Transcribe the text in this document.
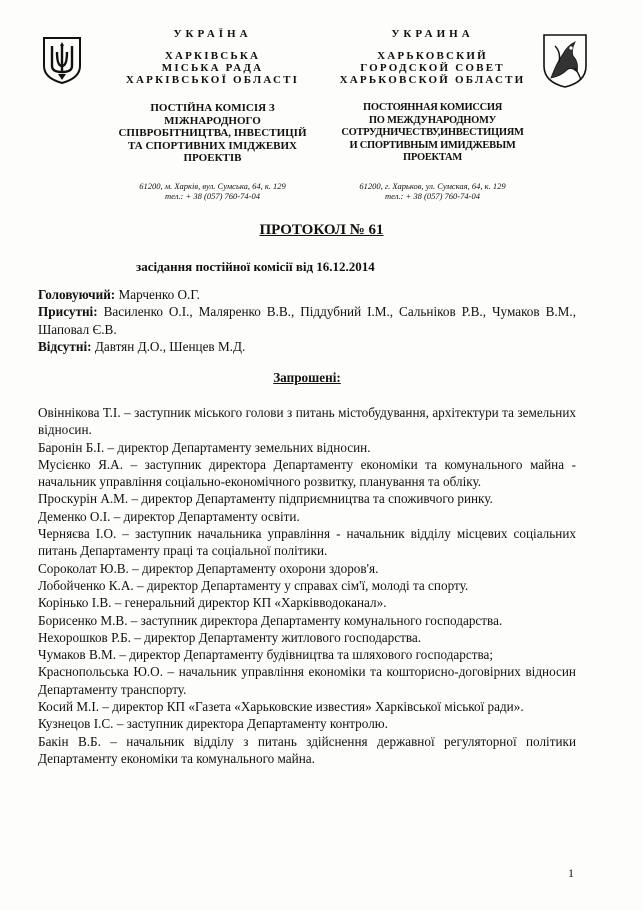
УКРАЇНА
ХАРКІВСЬКА
МІСЬКА РАДА
ХАРКІВСЬКОЇ ОБЛАСТІ
ПОСТІЙНА КОМІСІЯ З
МІЖНАРОДНОГО
СПІВРОБІТНИЦТВА, ІНВЕСТИЦІЙ
ТА СПОРТИВНИХ ІМІДЖЕВИХ
ПРОЕКТІВ
61200, м. Харків, вул. Сумська, 64, к. 129
тел.: + 38 (057) 760-74-04
УКРАИНА
ХАРЬКОВСКИЙ
ГОРОДСКОЙ СОВЕТ
ХАРЬКОВСКОЙ ОБЛАСТИ
ПОСТОЯННАЯ КОМИССИЯ
ПО МЕЖДУНАРОДНОМУ
СОТРУДНИЧЕСТВУ,ИНВЕСТИЦИЯМ
И СПОРТИВНЫМ ИМИДЖЕВЫМ
ПРОЕКТАМ
61200, г. Харьков, ул. Сумская, 64, к. 129
тел.: + 38 (057) 760-74-04
ПРОТОКОЛ № 61
засідання постійної комісії від 16.12.2014

Головуючий: Марченко О.Г.

Присутні: Василенко О.І., Маляренко В.В., Піддубний І.М., Сальніков Р.В., Чумаков В.М., Шаповал Є.В.

Відсутні: Давтян Д.О., Шенцев М.Д.

Запрошені:

Овіннікова Т.І. – заступник міського голови з питань містобудування, архітектури та земельних відносин.

Баронін Б.І. – директор Департаменту земельних відносин.

Мусієнко Я.А. – заступник директора Департаменту економіки та комунального майна - начальник управління соціально-економічного розвитку, планування та обліку.

Проскурін А.М. – директор Департаменту підприємництва та споживчого ринку.

Деменко О.І. – директор Департаменту освіти.

Черняєва І.О. – заступник начальника управління - начальник відділу місцевих соціальних питань Департаменту праці та соціальної політики.

Сороколат Ю.В. – директор Департаменту охорони здоров'я.

Лобойченко К.А. – директор Департаменту у справах сім'ї, молоді та спорту.

Корінько І.В. – генеральний директор КП «Харківводоканал».

Борисенко М.В. – заступник директора Департаменту комунального господарства.

Нехорошков Р.Б. – директор Департаменту житлового господарства.

Чумаков В.М. – директор Департаменту будівництва та шляхового господарства;

Краснопольська Ю.О. – начальник управління економіки та кошторисно-договірних відносин Департаменту транспорту.

Косий М.І. – директор КП «Газета «Харьковские известия» Харківської міської ради».

Кузнецов І.С. – заступник директора Департаменту контролю.

Бакін В.Б. – начальник відділу з питань здійснення державної регуляторної політики Департаменту економіки та комунального майна.

1
